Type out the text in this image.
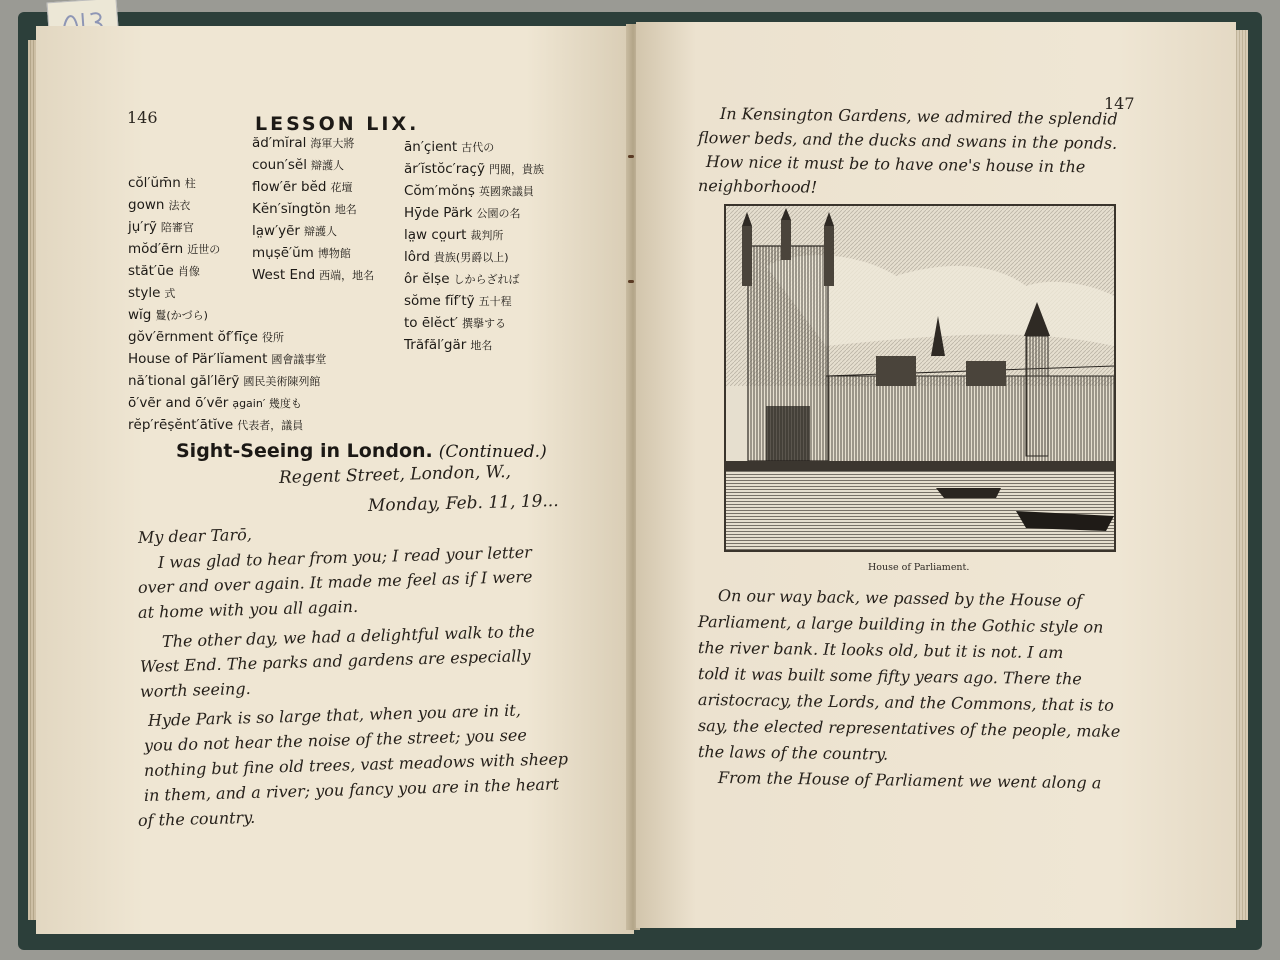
146	LESSON LIX.
cŏl′ŭm̄n 柱
gown 法衣
jụ′rỹ 陪審官
mŏd′ẽrn 近世の
stăt′ūe 肖像
style 式
wĭg 鬘(かづら)
gŏv′ẽrnment ŏf′fīçe 役所
House of Pär′lĭament 國會議事堂
nă′tional găl′lẽrỹ 國民美術陳列館
ō′vẽr and ō′vẽr ạgain′ 幾度も
rĕp′rēṣĕnt′ātĭve 代表者，議員
ăd′mĭral 海軍大將
coun′sĕl 辯護人
flow′ẽr bĕd 花壇
Kĕn′sĭngtŏn 地名
la̤w′yẽr 辯護人
mụṣē′ŭm 博物館
West End 西端，地名
ān′çient 古代の
ăr′ĭstŏc′raçỹ 門閥，貴族
Cŏm′mŏnṣ 英國衆議員
Hȳde Pärk 公園の名
la̤w co̤urt 裁判所
lôrd 貴族(男爵以上)
ôr ĕlṣe しからざれば
sŏme fĭf′tỹ 五十程
to ēlĕct′ 撰擧する
Trăfăl′gär 地名
Sight-Seeing in London. (Continued.)
Regent Street, London, W.,
Monday, Feb. 11, 19...
My dear Tarō,
I was glad to hear from you; I read your letter
over and over again. It made me feel as if I were
at home with you all again.
The other day, we had a delightful walk to the
West End. The parks and gardens are especially
worth seeing.
Hyde Park is so large that, when you are in it,
you do not hear the noise of the street; you see
nothing but fine old trees, vast meadows with sheep
in them, and a river; you fancy you are in the heart
of the country.
147
In Kensington Gardens, we admired the splendid
flower beds, and the ducks and swans in the ponds.
How nice it must be to have one's house in the
neighborhood!
House of Parliament.
On our way back, we passed by the House of
Parliament, a large building in the Gothic style on
the river bank. It looks old, but it is not. I am
told it was built some fifty years ago. There the
aristocracy, the Lords, and the Commons, that is to
say, the elected representatives of the people, make
the laws of the country.
From the House of Parliament we went along a
